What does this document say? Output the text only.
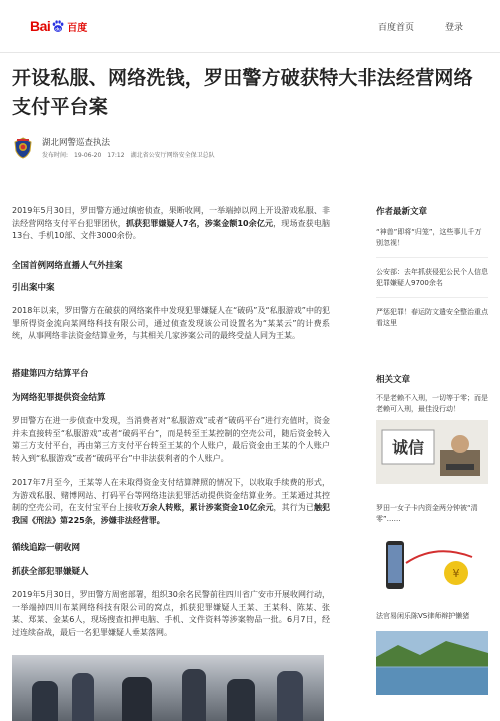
Bai du 百度	百度首页	登录
开设私服、网络洗钱，罗田警方破获特大非法经营网络支付平台案
湖北网警巡查执法
发布时间: 19-06-20 17:12 湖北省公安厅网络安全保卫总队

2019年5月30日，罗田警方通过缜密侦查，果断收网，一举端掉以网上开设游戏私服、非法经营网络支付平台犯罪团伙，抓获犯罪嫌疑人7名，涉案金额10余亿元，现场查获电脑13台、手机10部、文件3000余份。

全国首例网络直播人气外挂案
引出案中案

2018年以来，罗田警方在破获的网络案件中发现犯罪嫌疑人在“破码”及“私服游戏”中的犯罪所得资金流向某网络科技有限公司，通过侦查发现该公司设置名为“某某云”的计费系统，从事网络非法资金结算业务，与其相关几家涉案公司的最终受益人同为王某。

搭建第四方结算平台
为网络犯罪提供资金结算

罗田警方在进一步侦查中发现，当消费者对“私服游戏”或者“破码平台”进行充值时，资金并未直接转至“私服游戏”或者“破码平台”，而是转至王某控制的空壳公司，随后资金转入第三方支付平台，再由第三方支付平台转至王某的个人账户，最后资金由王某的个人账户转入到“私服游戏”或者“破码平台”中非法获利者的个人账户。

2017年7月至今，王某等人在未取得资金支付结算牌照的情况下，以收取手续费的形式，为游戏私服、赌博网站、打码平台等网络违法犯罪活动提供资金结算业务。王某通过其控制的空壳公司，在支付宝平台上接收万余人转账，累计涉案资金10亿余元，其行为已触犯我国《刑法》第225条，涉嫌非法经营罪。

循线追踪一朝收网
抓获全部犯罪嫌疑人

2019年5月30日，罗田警方周密部署，组织30余名民警前往四川省广安市开展收网行动，一举端掉四川布某网络科技有限公司的窝点，抓获犯罪嫌疑人王某、王某科、陈某、张某、郑某、金某6人，现场搜查扣押电脑、手机、文件资料等涉案物品一批。6月7日，经过连续奋战，最后一名犯罪嫌疑人垂某落网。

作者最新文章
“神兽”即将“归笼”，这些事儿千万别忽视！
公安部：去年抓获侵犯公民个人信息犯罪嫌疑人9700余名
严惩犯罪！春运防文遣安全整治重点看这里
相关文章
不是老赖不入刑，一切等于零；而是老赖可入刑，最佳没行动！
诚信
罗田一女子卡内资金两分钟被“清零”……
¥
法官易闲乐陈VS律师辩护懒猪
